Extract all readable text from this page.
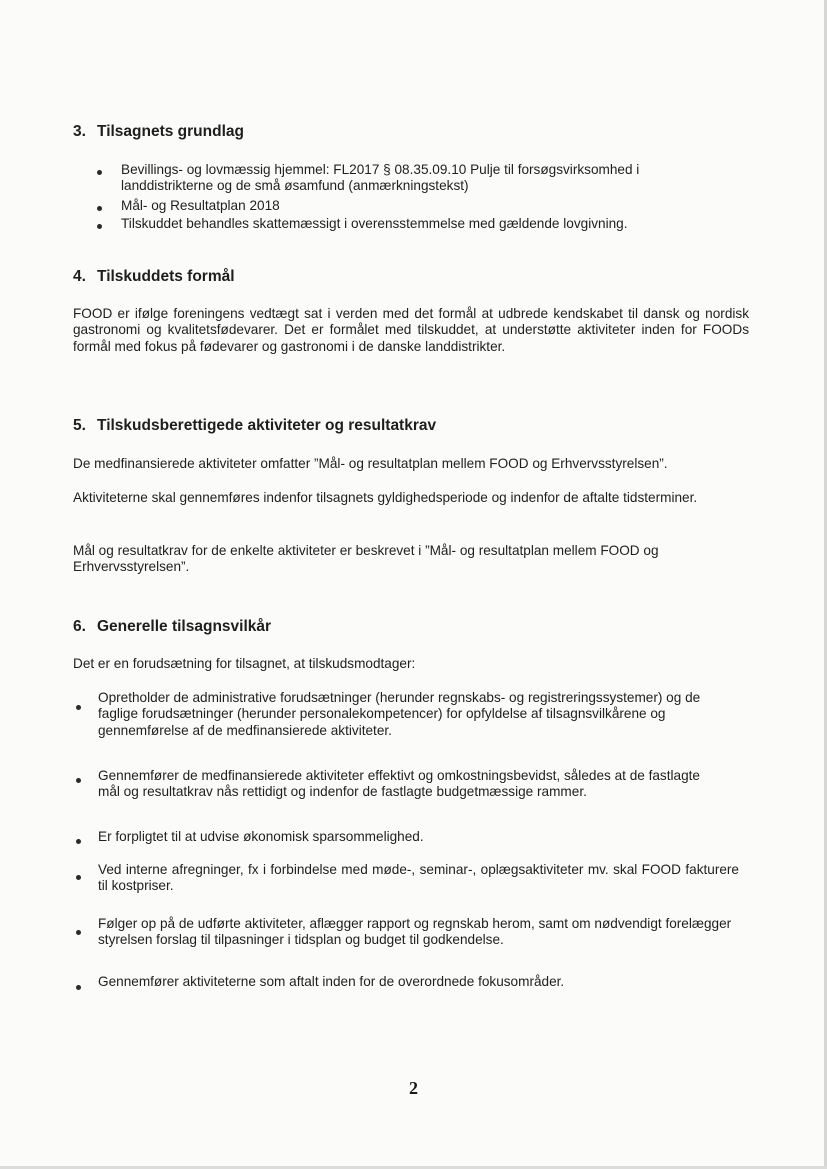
3. Tilsagnets grundlag

Bevillings- og lovmæssig hjemmel: FL2017 § 08.35.09.10 Pulje til forsøgsvirksomhed i landdistrikterne og de små øsamfund (anmærkningstekst)

Mål- og Resultatplan 2018

Tilskuddet behandles skattemæssigt i overensstemmelse med gældende lovgivning.

4. Tilskuddets formål

FOOD er ifølge foreningens vedtægt sat i verden med det formål at udbrede kendskabet til dansk og nordisk gastronomi og kvalitetsfødevarer. Det er formålet med tilskuddet, at understøtte aktiviteter inden for FOODs formål med fokus på fødevarer og gastronomi i de danske landdistrikter.

5. Tilskudsberettigede aktiviteter og resultatkrav

De medfinansierede aktiviteter omfatter ”Mål- og resultatplan mellem FOOD og Erhvervsstyrelsen”.

Aktiviteterne skal gennemføres indenfor tilsagnets gyldighedsperiode og indenfor de aftalte tidsterminer.

Mål og resultatkrav for de enkelte aktiviteter er beskrevet i ”Mål- og resultatplan mellem FOOD og Erhvervsstyrelsen”.

6. Generelle tilsagnsvilkår

Det er en forudsætning for tilsagnet, at tilskudsmodtager:

Opretholder de administrative forudsætninger (herunder regnskabs- og registreringssystemer) og de faglige forudsætninger (herunder personalekompetencer) for opfyldelse af tilsagnsvilkårene og gennemførelse af de medfinansierede aktiviteter.

Gennemfører de medfinansierede aktiviteter effektivt og omkostningsbevidst, således at de fastlagte mål og resultatkrav nås rettidigt og indenfor de fastlagte budgetmæssige rammer.

Er forpligtet til at udvise økonomisk sparsommelighed.

Ved interne afregninger, fx i forbindelse med møde-, seminar-, oplægsaktiviteter mv. skal FOOD fakturere til kostpriser.

Følger op på de udførte aktiviteter, aflægger rapport og regnskab herom, samt om nødvendigt forelægger styrelsen forslag til tilpasninger i tidsplan og budget til godkendelse.

Gennemfører aktiviteterne som aftalt inden for de overordnede fokusområder.

2
